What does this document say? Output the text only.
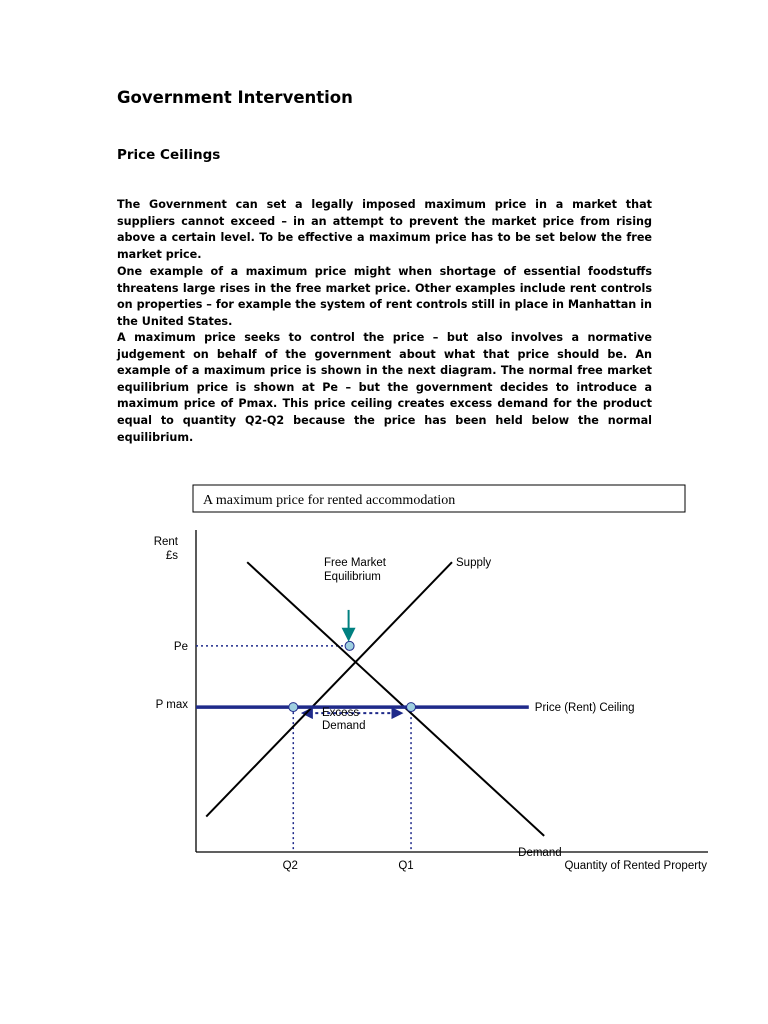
Government Intervention
Price Ceilings

The Government can set a legally imposed maximum price in a market that suppliers cannot exceed – in an attempt to prevent the market price from rising above a certain level. To be effective a maximum price has to be set below the free market price.

One example of a maximum price might when shortage of essential foodstuffs threatens large rises in the free market price. Other examples include rent controls on properties – for example the system of rent controls still in place in Manhattan in the United States.

A maximum price seeks to control the price – but also involves a normative judgement on behalf of the government about what that price should be. An example of a maximum price is shown in the next diagram. The normal free market equilibrium price is shown at Pe – but the government decides to introduce a maximum price of Pmax. This price ceiling creates excess demand for the product equal to quantity Q2-Q2 because the price has been held below the normal equilibrium.

A maximum price for rented accommodation
Rent
£s
Quantity of Rented Property
Supply
Demand
Price (Rent) Ceiling
Pe
P max
Q2	Q1
Free Market
Equilibrium
Excess
Demand
